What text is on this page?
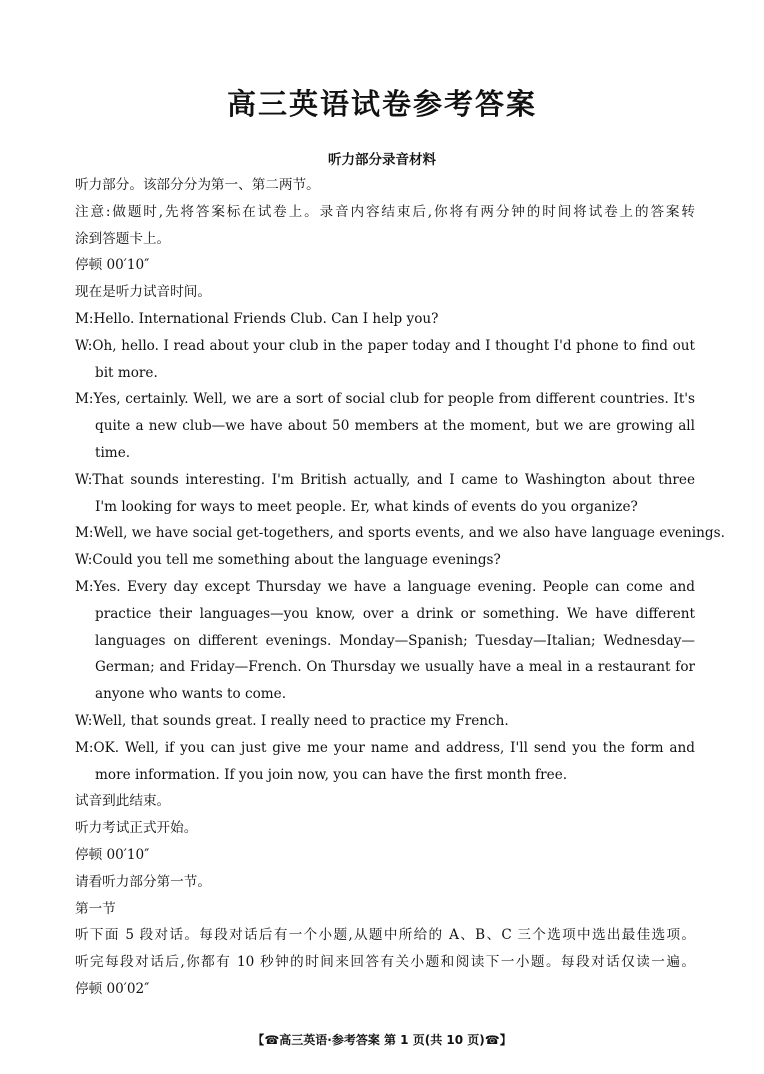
高三英语试卷参考答案
听力部分录音材料
听力部分。该部分分为第一、第二两节。
注意:做题时,先将答案标在试卷上。录音内容结束后,你将有两分钟的时间将试卷上的答案转
涂到答题卡上。
停顿 00′10″
现在是听力试音时间。
M:Hello. International Friends Club. Can I help you?
W:Oh, hello. I read about your club in the paper today and I thought I'd phone to find out
bit more.
M:Yes, certainly. Well, we are a sort of social club for people from different countries. It's
quite a new club—we have about 50 members at the moment, but we are growing all
time.
W:That sounds interesting. I'm British actually, and I came to Washington about three
I'm looking for ways to meet people. Er, what kinds of events do you organize?
M:Well, we have social get-togethers, and sports events, and we also have language evenings.
W:Could you tell me something about the language evenings?
M:Yes. Every day except Thursday we have a language evening. People can come and
practice their languages—you know, over a drink or something. We have different
languages on different evenings. Monday—Spanish; Tuesday—Italian; Wednesday—
German; and Friday—French. On Thursday we usually have a meal in a restaurant for
anyone who wants to come.
W:Well, that sounds great. I really need to practice my French.
M:OK. Well, if you can just give me your name and address, I'll send you the form and
more information. If you join now, you can have the first month free.
试音到此结束。
听力考试正式开始。
停顿 00′10″
请看听力部分第一节。
第一节
听下面 5 段对话。每段对话后有一个小题,从题中所给的 A、B、C 三个选项中选出最佳选项。
听完每段对话后,你都有 10 秒钟的时间来回答有关小题和阅读下一小题。每段对话仅读一遍。
停顿 00′02″
【☎高三英语·参考答案 第 1 页(共 10 页)☎】
